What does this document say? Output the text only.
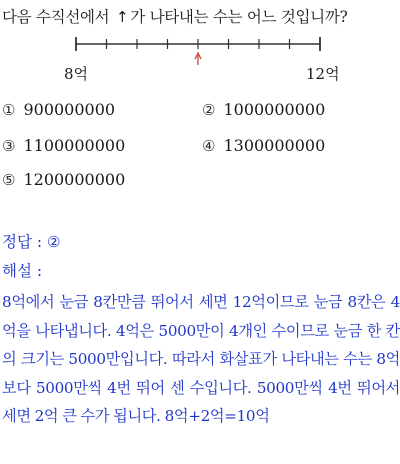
다음 수직선에서 ↑ 가 나타내는 수는 어느 것입니까?
8억	12억
① 900000000	② 1000000000
③ 1100000000	④ 1300000000
⑤ 1200000000
정답 : ②
해설 :
8억에서 눈금 8칸만큼 뛰어서 세면 12억이므로 눈금 8칸은 4억을 나타냅니다. 4억은 5000만이 4개인 수이므로 눈금 한 칸의 크기는 5000만입니다. 따라서 화살표가 나타내는 수는 8억보다 5000만씩 4번 뛰어 센 수입니다. 5000만씩 4번 뛰어서 세면 2억 큰 수가 됩니다. 8억+2억=10억
